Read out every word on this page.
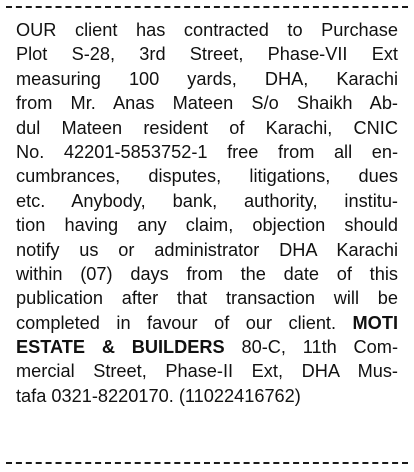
OUR client has contracted to Purchase
Plot S-28, 3rd Street, Phase-VII Ext
measuring 100 yards, DHA, Karachi
from Mr. Anas Mateen S/o Shaikh Ab-
dul Mateen resident of Karachi, CNIC
No. 42201-5853752-1 free from all en-
cumbrances, disputes, litigations, dues
etc. Anybody, bank, authority, institu-
tion having any claim, objection should
notify us or administrator DHA Karachi
within (07) days from the date of this
publication after that transaction will be
completed in favour of our client. MOTI
ESTATE & BUILDERS 80-C, 11th Com-
mercial Street, Phase-II Ext, DHA Mus-
tafa 0321-8220170. (11022416762)
